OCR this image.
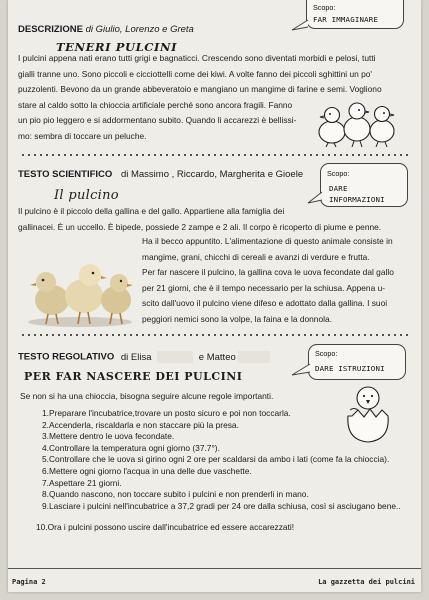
DESCRIZIONE di Giulio, Lorenzo e Greta
Scopo:
FAR IMMAGINARE
TENERI PULCINI
I pulcini appena nati erano tutti grigi e bagnaticci. Crescendo sono diventati morbidi e pelosi, tutti
gialli tranne uno. Sono piccoli e cicciottelli come dei kiwi. A volte fanno dei piccoli sghittini un po'
puzzolenti. Bevono da un grande abbeveratoio e mangiano un mangime di farine e semi. Vogliono
stare al caldo sotto la chioccia artificiale perché sono ancora fragili. Fanno
un pio pio leggero e si addormentano subito. Quando li accarezzi è bellissi-
mo: sembra di toccare un peluche.
TESTO SCIENTIFICO di Massimo , Riccardo, Margherita e Gioele	Scopo:
DARE
INFORMAZIONI
Il pulcino
Il pulcino è il piccolo della gallina e del gallo. Appartiene alla famiglia dei
gallinacei. È un uccello. È bipede, possiede 2 zampe e 2 ali. Il corpo è ricoperto di piume e penne.
Ha il becco appuntito. L'alimentazione di questo animale consiste in
mangime, grani, chicchi di cereali e avanzi di verdure e frutta.
Per far nascere il pulcino, la gallina cova le uova fecondate dal gallo
per 21 giorni, che è il tempo necessario per la schiusa. Appena u-
scito dall'uovo il pulcino viene difeso e adottato dalla gallina. I suoi
peggiori nemici sono la volpe, la faina e la donnola.
TESTO REGOLATIVO di Elisa	e Matteo	Scopo:
DARE ISTRUZIONI
PER FAR NASCERE DEI PULCINI
Se non si ha una chioccia, bisogna seguire alcune regole importanti.
1.Preparare l'incubatrice,trovare un posto sicuro e poi non toccarla.
2.Accenderla, riscaldarla e non staccare più la presa.
3.Mettere dentro le uova fecondate.
4.Controllare la temperatura ogni giorno (37.7°).
5.Controllare che le uova si girino ogni 2 ore per scaldarsi da ambo i lati (come fa la chioccia).
6.Mettere ogni giorno l'acqua in una delle due vaschette.
7.Aspettare 21 giorni.
8.Quando nascono, non toccare subito i pulcini e non prenderli in mano.
9.Lasciare i pulcini nell'incubatrice a 37,2 gradi per 24 ore dalla schiusa, così si asciugano bene..
10.Ora i pulcini possono uscire dall'incubatrice ed essere accarezzati!
Pagina 2	La gazzetta dei pulcini
